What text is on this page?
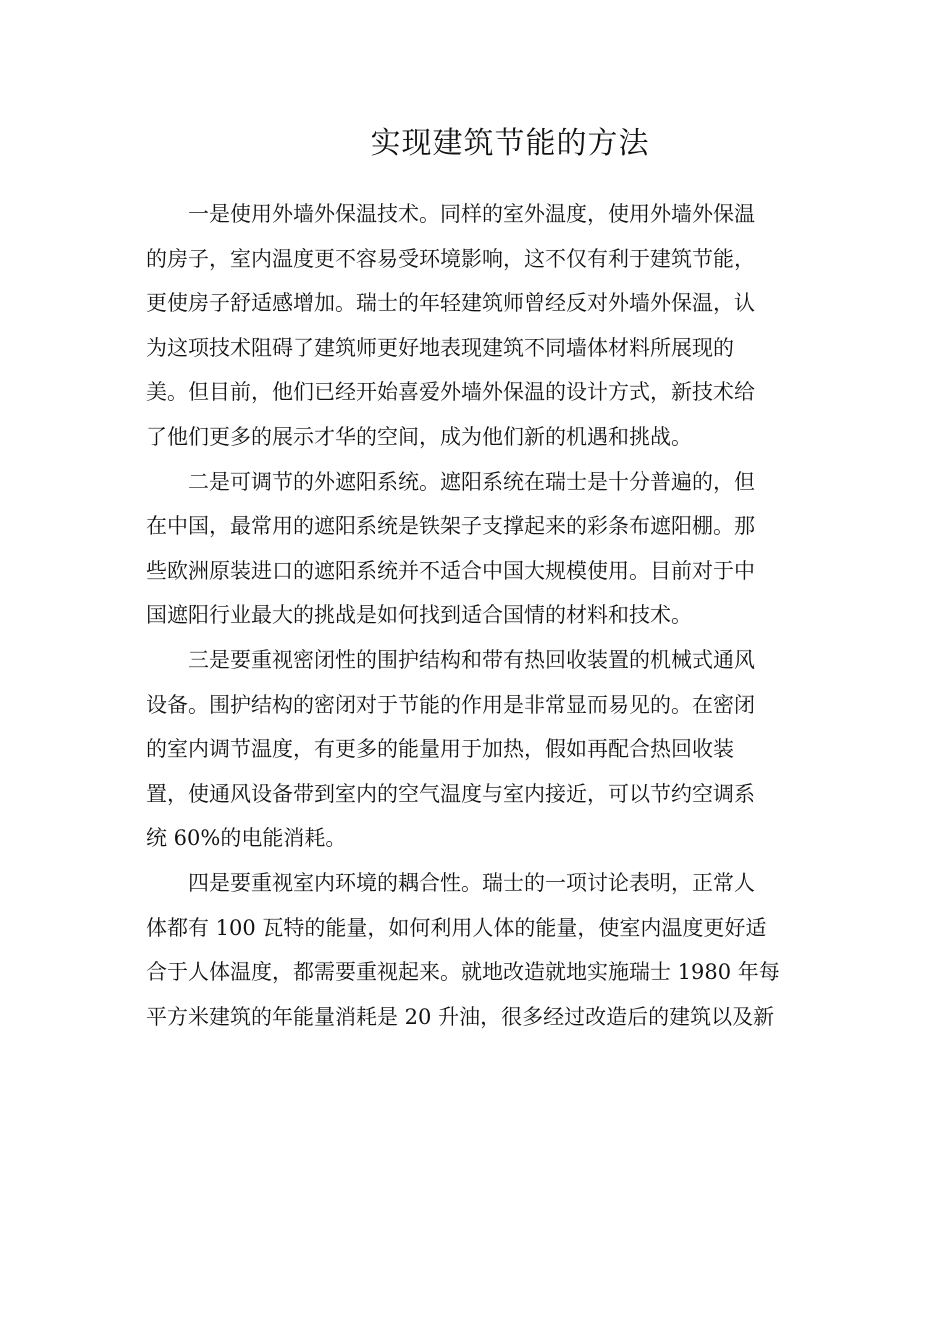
实现建筑节能的方法

一是使用外墙外保温技术。同样的室外温度，使用外墙外保温
的房子，室内温度更不容易受环境影响，这不仅有利于建筑节能，
更使房子舒适感增加。瑞士的年轻建筑师曾经反对外墙外保温，认
为这项技术阻碍了建筑师更好地表现建筑不同墙体材料所展现的
美。但目前，他们已经开始喜爱外墙外保温的设计方式，新技术给
了他们更多的展示才华的空间，成为他们新的机遇和挑战。

二是可调节的外遮阳系统。遮阳系统在瑞士是十分普遍的，但
在中国，最常用的遮阳系统是铁架子支撑起来的彩条布遮阳棚。那
些欧洲原装进口的遮阳系统并不适合中国大规模使用。目前对于中
国遮阳行业最大的挑战是如何找到适合国情的材料和技术。

三是要重视密闭性的围护结构和带有热回收装置的机械式通风
设备。围护结构的密闭对于节能的作用是非常显而易见的。在密闭
的室内调节温度，有更多的能量用于加热，假如再配合热回收装
置，使通风设备带到室内的空气温度与室内接近，可以节约空调系
统 60%的电能消耗。

四是要重视室内环境的耦合性。瑞士的一项讨论表明，正常人
体都有 100 瓦特的能量，如何利用人体的能量，使室内温度更好适
合于人体温度，都需要重视起来。就地改造就地实施瑞士 1980 年每
平方米建筑的年能量消耗是 20 升油，很多经过改造后的建筑以及新
